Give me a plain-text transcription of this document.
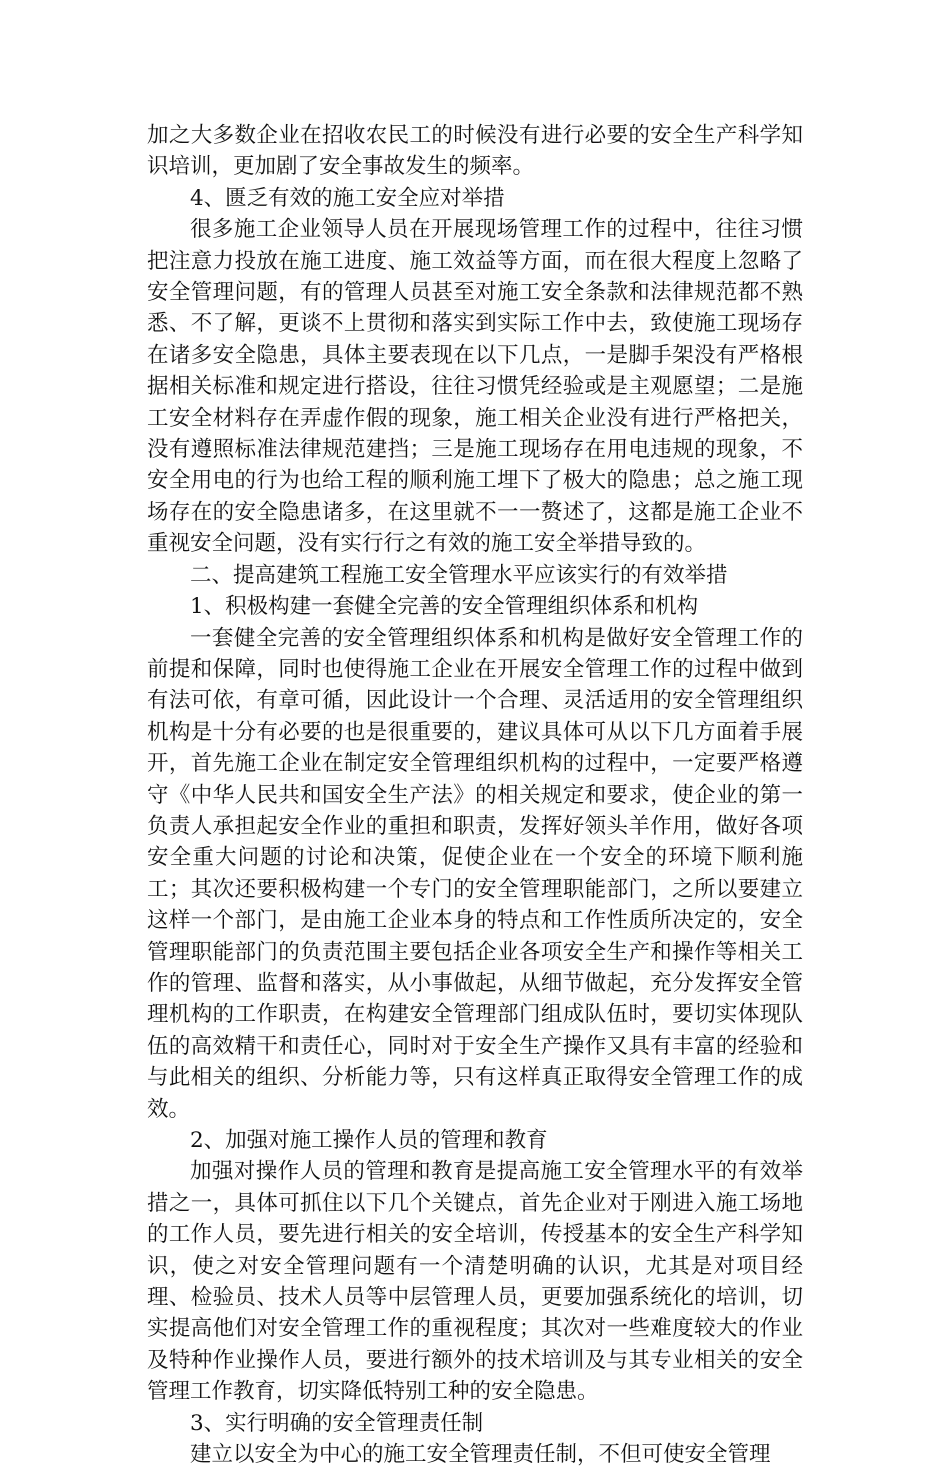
加之大多数企业在招收农民工的时候没有进行必要的安全生产科学知识培训，更加剧了安全事故发生的频率。

4、匮乏有效的施工安全应对举措

很多施工企业领导人员在开展现场管理工作的过程中，往往习惯把注意力投放在施工进度、施工效益等方面，而在很大程度上忽略了安全管理问题，有的管理人员甚至对施工安全条款和法律规范都不熟悉、不了解，更谈不上贯彻和落实到实际工作中去，致使施工现场存在诸多安全隐患，具体主要表现在以下几点，一是脚手架没有严格根据相关标准和规定进行搭设，往往习惯凭经验或是主观愿望；二是施工安全材料存在弄虚作假的现象，施工相关企业没有进行严格把关，没有遵照标准法律规范建挡；三是施工现场存在用电违规的现象，不安全用电的行为也给工程的顺利施工埋下了极大的隐患；总之施工现场存在的安全隐患诸多，在这里就不一一赘述了，这都是施工企业不重视安全问题，没有实行行之有效的施工安全举措导致的。

二、提高建筑工程施工安全管理水平应该实行的有效举措

1、积极构建一套健全完善的安全管理组织体系和机构

一套健全完善的安全管理组织体系和机构是做好安全管理工作的前提和保障，同时也使得施工企业在开展安全管理工作的过程中做到有法可依，有章可循，因此设计一个合理、灵活适用的安全管理组织机构是十分有必要的也是很重要的，建议具体可从以下几方面着手展开，首先施工企业在制定安全管理组织机构的过程中，一定要严格遵守《中华人民共和国安全生产法》的相关规定和要求，使企业的第一负责人承担起安全作业的重担和职责，发挥好领头羊作用，做好各项安全重大问题的讨论和决策，促使企业在一个安全的环境下顺利施工；其次还要积极构建一个专门的安全管理职能部门，之所以要建立这样一个部门，是由施工企业本身的特点和工作性质所决定的，安全管理职能部门的负责范围主要包括企业各项安全生产和操作等相关工作的管理、监督和落实，从小事做起，从细节做起，充分发挥安全管理机构的工作职责，在构建安全管理部门组成队伍时，要切实体现队伍的高效精干和责任心，同时对于安全生产操作又具有丰富的经验和与此相关的组织、分析能力等，只有这样真正取得安全管理工作的成效。

2、加强对施工操作人员的管理和教育

加强对操作人员的管理和教育是提高施工安全管理水平的有效举措之一，具体可抓住以下几个关键点，首先企业对于刚进入施工场地的工作人员，要先进行相关的安全培训，传授基本的安全生产科学知识，使之对安全管理问题有一个清楚明确的认识，尤其是对项目经理、检验员、技术人员等中层管理人员，更要加强系统化的培训，切实提高他们对安全管理工作的重视程度；其次对一些难度较大的作业及特种作业操作人员，要进行额外的技术培训及与其专业相关的安全管理工作教育，切实降低特别工种的安全隐患。

3、实行明确的安全管理责任制

建立以安全为中心的施工安全管理责任制，不但可使安全管理
